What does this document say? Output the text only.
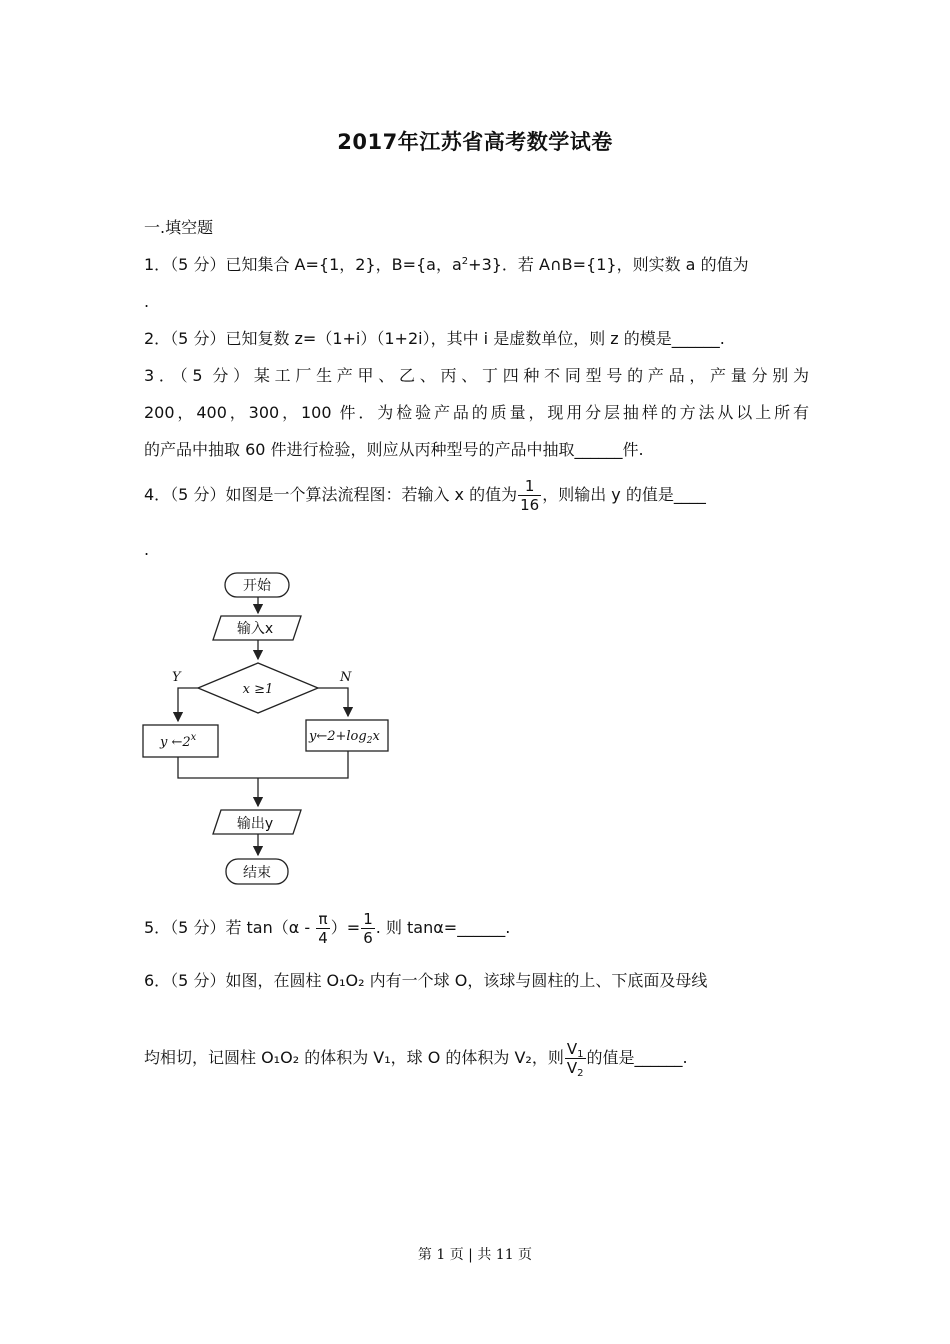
2017年江苏省高考数学试卷
一.填空题
1．（5 分）已知集合 A={1，2}，B={a，$a^2+3$}．若 A∩B={1}，则实数 a 的值为
.
2．（5 分）已知复数 z=（1+i）（1+2i），其中 i 是虚数单位，则 z 的模是______.
3．（5 分）某工厂生产甲、乙、丙、丁四种不同型号的产品，产量分别为
200，400，300，100 件．为检验产品的质量，现用分层抽样的方法从以上所有
的产品中抽取 60 件进行检验，则应从丙种型号的产品中抽取______件.
4．（5 分）如图是一个算法流程图：若输入 x 的值为 $\frac{1}{16}$ ，则输出 y 的值是____
.
开始
输入x
x ≥1
Y	N
y ←2$^x$	$y\leftarrow 2+\log_2x$
输出y
结束
5．（5 分）若 $\tan(\alpha - \frac{\pi}{4}$ ）= $\frac{1}{6}$ . 则 tanα=______.
6．（5 分）如图，在圆柱 O₁O₂ 内有一个球 O，该球与圆柱的上、下底面及母线
均相切，记圆柱 O₁O₂ 的体积为 V₁，球 O 的体积为 V₂，则 $\frac{V_1}{V_2}$ 的值是______.
第 1 页 | 共 11 页
